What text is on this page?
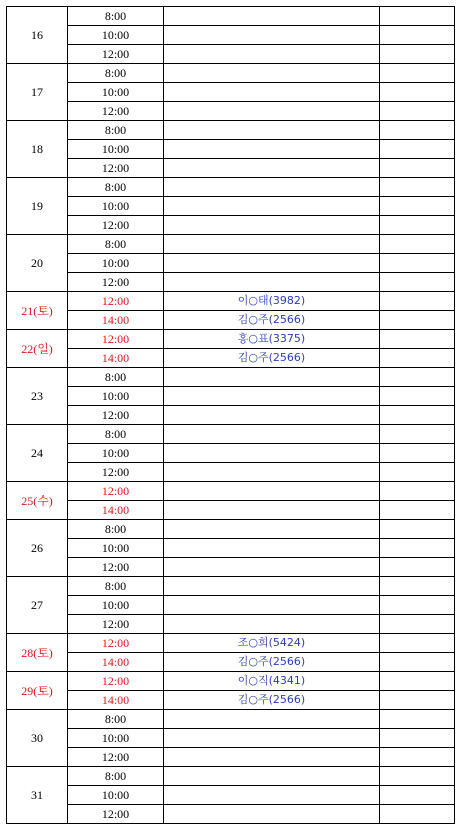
16	8:00		
	10:00		
	12:00		
17	8:00		
	10:00		
	12:00		
18	8:00		
	10:00		
	12:00		
19	8:00		
	10:00		
	12:00		
20	8:00		
	10:00		
	12:00		
21(토)	12:00	이○태(3982)	
	14:00	김○주(2566)	
22(일)	12:00	홍○표(3375)	
	14:00	김○주(2566)	
23	8:00		
	10:00		
	12:00		
24	8:00		
	10:00		
	12:00		
25(수)	12:00		
	14:00		
26	8:00		
	10:00		
	12:00		
27	8:00		
	10:00		
	12:00		
28(토)	12:00	조○희(5424)	
	14:00	김○주(2566)	
29(토)	12:00	이○직(4341)	
	14:00	김○주(2566)	
30	8:00		
	10:00		
	12:00		
31	8:00		
	10:00		
	12:00		
